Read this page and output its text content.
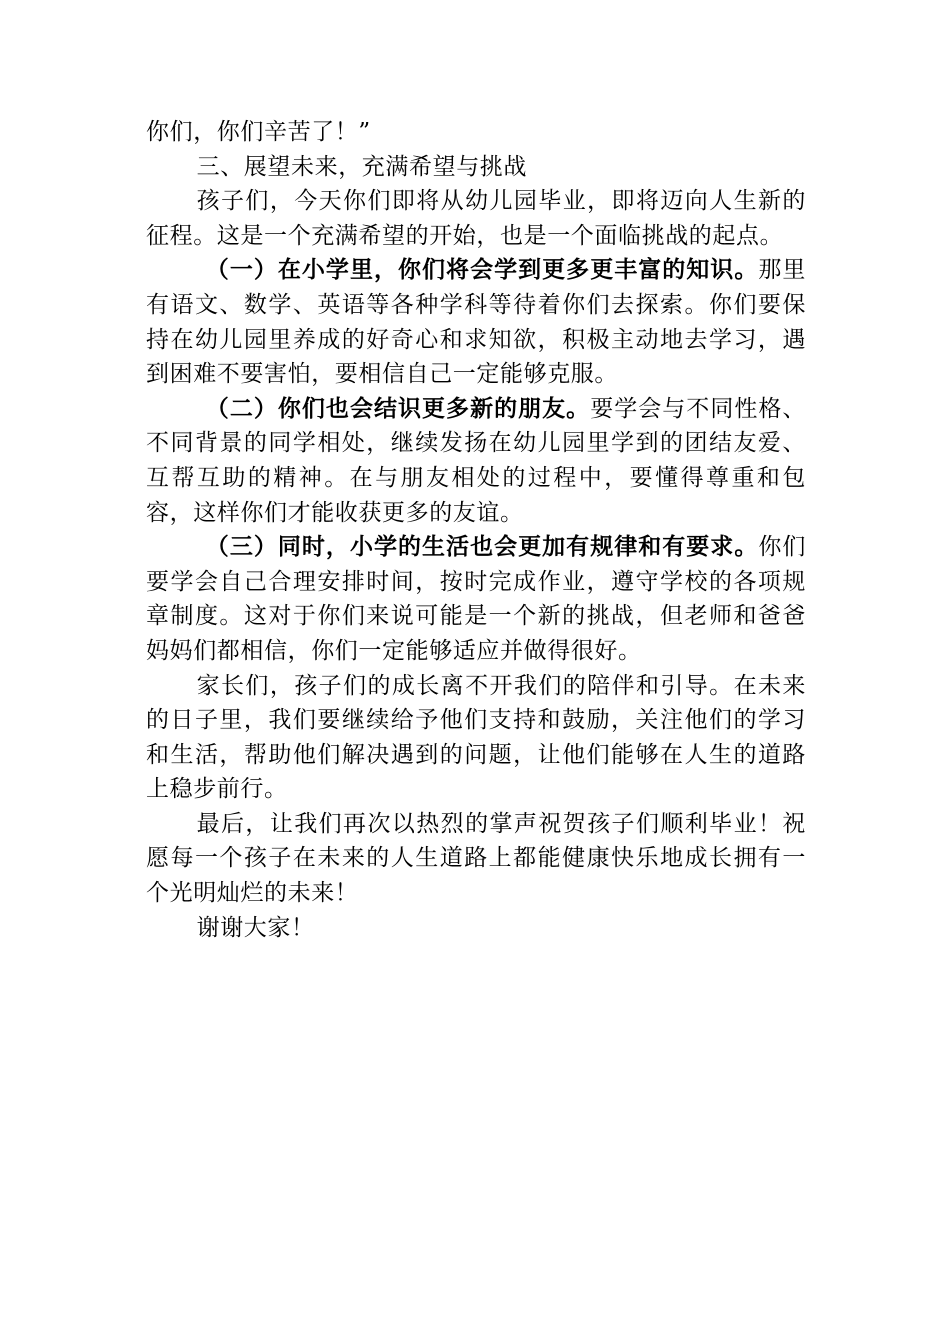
你们，你们辛苦了！”

三、展望未来，充满希望与挑战

孩子们，今天你们即将从幼儿园毕业，即将迈向人生新的征程。这是一个充满希望的开始，也是一个面临挑战的起点。

（一）在小学里，你们将会学到更多更丰富的知识。那里有语文、数学、英语等各种学科等待着你们去探索。你们要保持在幼儿园里养成的好奇心和求知欲，积极主动地去学习，遇到困难不要害怕，要相信自己一定能够克服。

（二）你们也会结识更多新的朋友。要学会与不同性格、不同背景的同学相处，继续发扬在幼儿园里学到的团结友爱、互帮互助的精神。在与朋友相处的过程中，要懂得尊重和包容，这样你们才能收获更多的友谊。

（三）同时，小学的生活也会更加有规律和有要求。你们要学会自己合理安排时间，按时完成作业，遵守学校的各项规章制度。这对于你们来说可能是一个新的挑战，但老师和爸爸妈妈们都相信，你们一定能够适应并做得很好。

家长们，孩子们的成长离不开我们的陪伴和引导。在未来的日子里，我们要继续给予他们支持和鼓励，关注他们的学习和生活，帮助他们解决遇到的问题，让他们能够在人生的道路上稳步前行。

最后，让我们再次以热烈的掌声祝贺孩子们顺利毕业！祝愿每一个孩子在未来的人生道路上都能健康快乐地成长拥有一个光明灿烂的未来！

谢谢大家！
